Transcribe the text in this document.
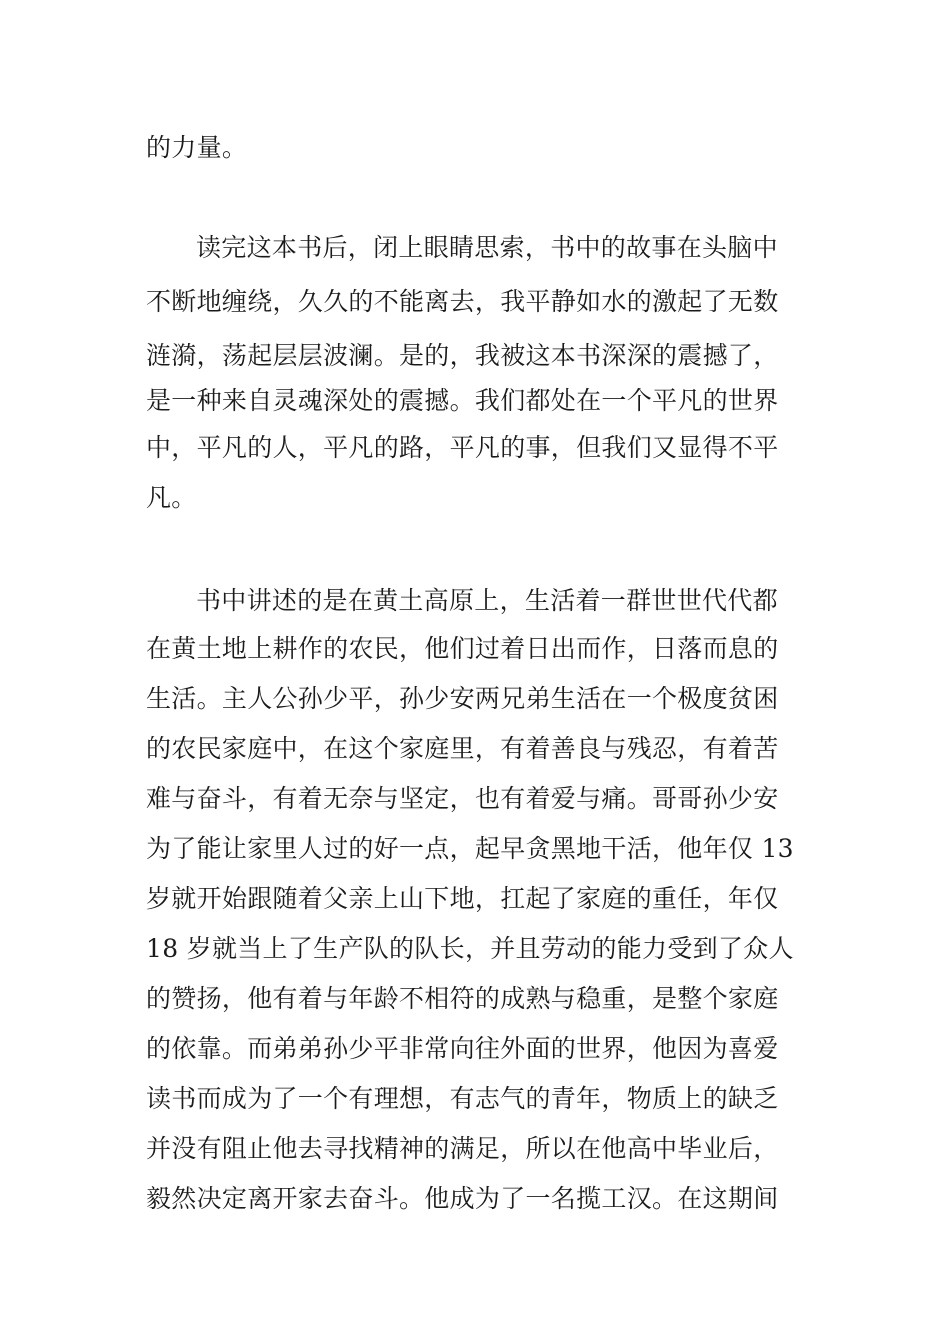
的力量。
读完这本书后，闭上眼睛思索，书中的故事在头脑中
不断地缠绕，久久的不能离去，我平静如水的激起了无数
涟漪，荡起层层波澜。是的，我被这本书深深的震撼了，
是一种来自灵魂深处的震撼。我们都处在一个平凡的世界
中，平凡的人，平凡的路，平凡的事，但我们又显得不平
凡。
书中讲述的是在黄土高原上，生活着一群世世代代都
在黄土地上耕作的农民，他们过着日出而作，日落而息的
生活。主人公孙少平，孙少安两兄弟生活在一个极度贫困
的农民家庭中，在这个家庭里，有着善良与残忍，有着苦
难与奋斗，有着无奈与坚定，也有着爱与痛。哥哥孙少安
为了能让家里人过的好一点，起早贪黑地干活，他年仅 13
岁就开始跟随着父亲上山下地，扛起了家庭的重任，年仅
18 岁就当上了生产队的队长，并且劳动的能力受到了众人
的赞扬，他有着与年龄不相符的成熟与稳重，是整个家庭
的依靠。而弟弟孙少平非常向往外面的世界，他因为喜爱
读书而成为了一个有理想，有志气的青年，物质上的缺乏
并没有阻止他去寻找精神的满足，所以在他高中毕业后，
毅然决定离开家去奋斗。他成为了一名揽工汉。在这期间
